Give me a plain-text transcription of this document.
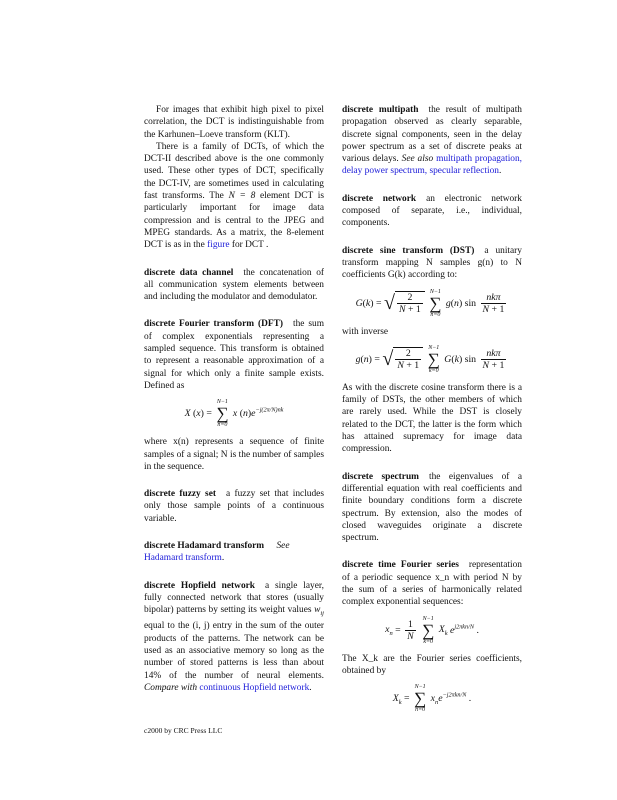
For images that exhibit high pixel to pixel correlation, the DCT is indistinguishable from the Karhunen–Loeve transform (KLT).

There is a family of DCTs, of which the DCT-II described above is the one commonly used. These other types of DCT, specifically the DCT-IV, are sometimes used in calculating fast transforms. The N = 8 element DCT is particularly important for image data compression and is central to the JPEG and MPEG standards. As a matrix, the 8-element DCT is as in the figure for DCT .

discrete data channel the concatenation of all communication system elements between and including the modulator and demodulator.
discrete Fourier transform (DFT) the sum of complex exponentials representing a sampled sequence. This transform is obtained to represent a reasonable approximation of a signal for which only a finite sample exists. Defined as
X (x) =
N−1
∑
n=0
x $(n)e^{-j(2\pi/N)nk}$

where x(n) represents a sequence of finite samples of a signal; N is the number of samples in the sequence.

discrete fuzzy set a fuzzy set that includes only those sample points of a continuous variable.
discrete Hadamard transform See
Hadamard transform.
discrete Hopfield network a single layer, fully connected network that stores (usually bipolar) patterns by setting its weight values $w_{ij}$ equal to the (i, j) entry in the sum of the outer products of the patterns. The network can be used as an associative memory so long as the number of stored patterns is less than about 14% of the number of neural elements. Compare with continuous Hopfield network.
discrete multipath the result of multipath propagation observed as clearly separable, discrete signal components, seen in the delay power spectrum as a set of discrete peaks at various delays. See also multipath propagation, delay power spectrum, specular reflection.
discrete network an electronic network composed of separate, i.e., individual, components.
discrete sine transform (DST) a unitary transform mapping N samples g(n) to N coefficients G(k) according to:
G(k) = √ $\frac{2}{N + 1}$

N−1
∑
n=0
g(n) $\sin \frac{\text{nkπ}}{N + 1}$

with inverse

g(n) = √ $\frac{2}{N + 1}$

N−1
∑
k=0
G(k) $\sin \frac{\text{nkπ}}{N + 1}$

As with the discrete cosine transform there is a family of DSTs, the other members of which are rarely used. While the DST is closely related to the DCT, the latter is the form which has attained supremacy for image data compression.

discrete spectrum the eigenvalues of a differential equation with real coefficients and finite boundary conditions form a discrete spectrum. By extension, also the modes of closed waveguides originate a discrete spectrum.
discrete time Fourier series representation of a periodic sequence x_n with period N by the sum of a series of harmonically related complex exponential sequences:
$x_n = \frac{1}{N}$
N−1
∑
k=0
$X_k$ $e^{j2\pi kn/N}$ .

The X_k are the Fourier series coefficients, obtained by

$X_k$ =
N−1
∑
n=0
$x_ne^{-j2\pi kn/N}$ .
c2000 by CRC Press LLC
